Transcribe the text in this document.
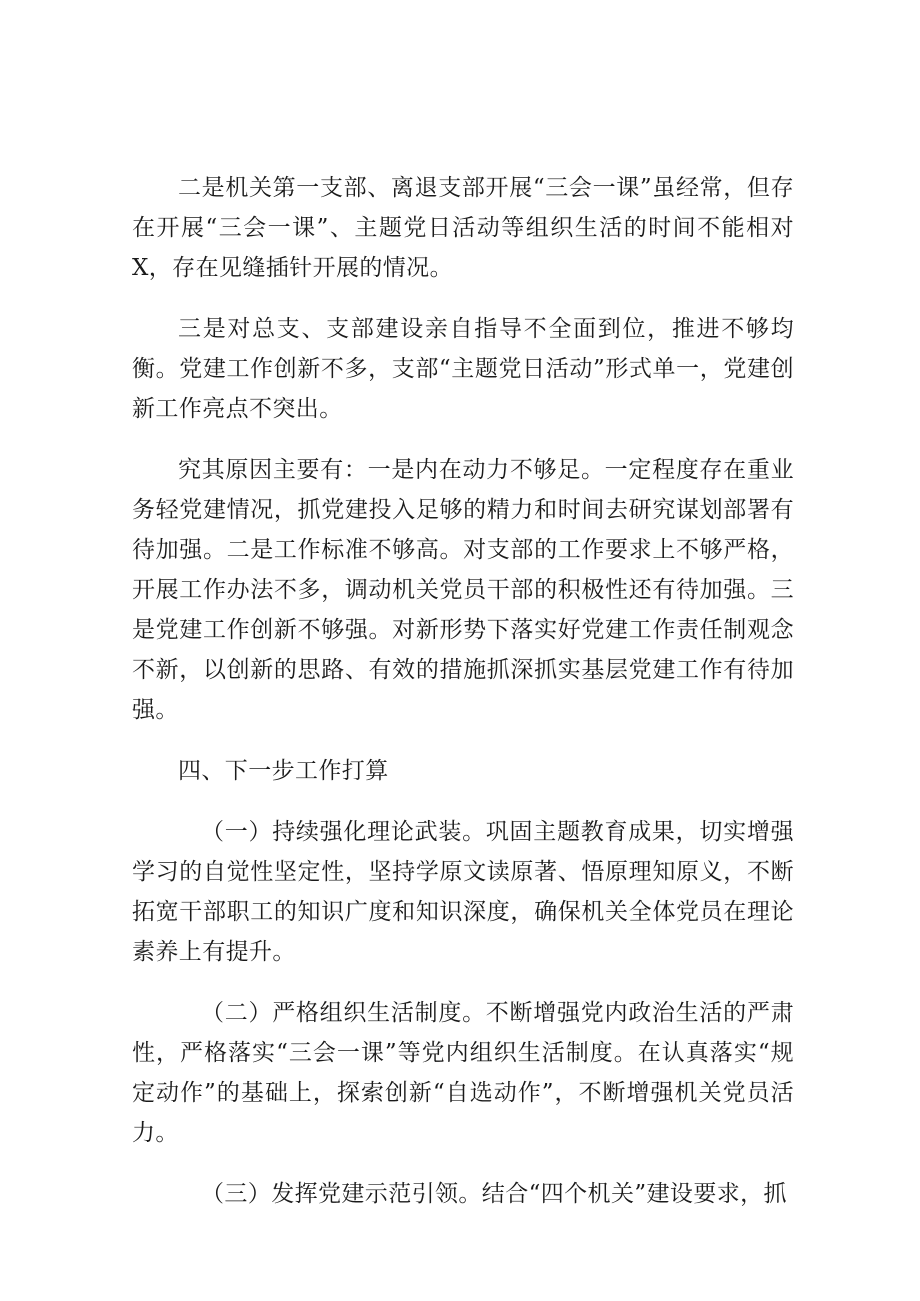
二是机关第一支部、离退支部开展“三会一课”虽经常，但存在开展“三会一课”、主题党日活动等组织生活的时间不能相对X，存在见缝插针开展的情况。

三是对总支、支部建设亲自指导不全面到位，推进不够均衡。党建工作创新不多，支部“主题党日活动”形式单一，党建创新工作亮点不突出。

究其原因主要有：一是内在动力不够足。一定程度存在重业务轻党建情况，抓党建投入足够的精力和时间去研究谋划部署有待加强。二是工作标准不够高。对支部的工作要求上不够严格，开展工作办法不多，调动机关党员干部的积极性还有待加强。三是党建工作创新不够强。对新形势下落实好党建工作责任制观念不新，以创新的思路、有效的措施抓深抓实基层党建工作有待加强。

四、下一步工作打算

（一）持续强化理论武装。巩固主题教育成果，切实增强学习的自觉性坚定性，坚持学原文读原著、悟原理知原义，不断拓宽干部职工的知识广度和知识深度，确保机关全体党员在理论素养上有提升。

（二）严格组织生活制度。不断增强党内政治生活的严肃性，严格落实“三会一课”等党内组织生活制度。在认真落实“规定动作”的基础上，探索创新“自选动作”，不断增强机关党员活力。

（三）发挥党建示范引领。结合“四个机关”建设要求，抓
